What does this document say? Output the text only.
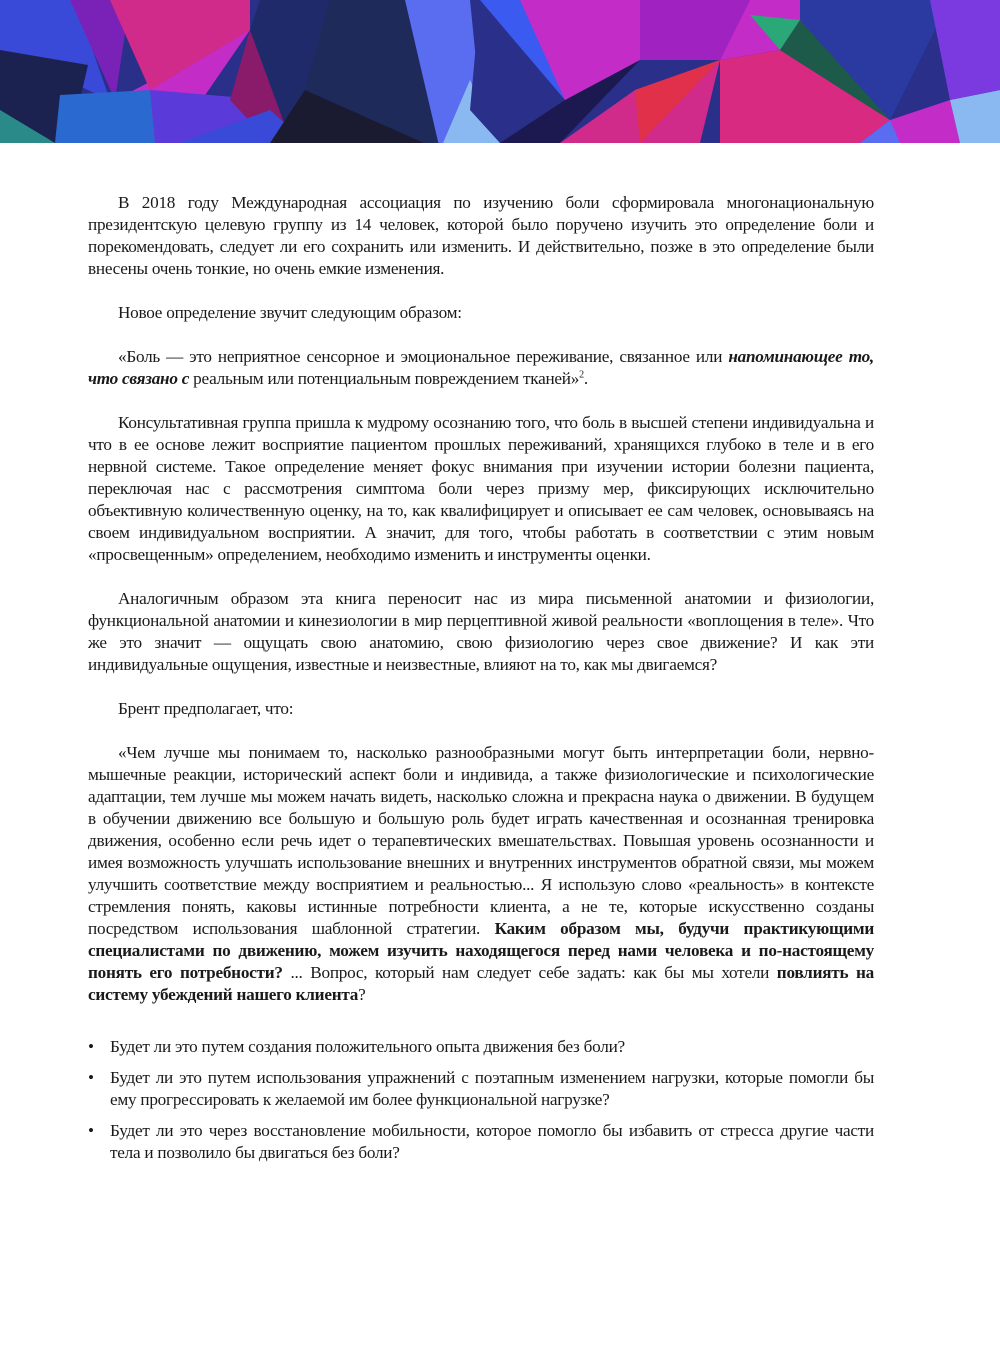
В 2018 году Международная ассоциация по изучению боли сформировала многонациональную президентскую целевую группу из 14 человек, которой было поручено изучить это определение боли и порекомендовать, следует ли его сохранить или изменить. И действительно, позже в это определение были внесены очень тонкие, но очень емкие изменения.

Новое определение звучит следующим образом:

«Боль — это неприятное сенсорное и эмоциональное переживание, связанное или напоминающее то, что связано с реальным или потенциальным повреждением тканей»$^2$.

Консультативная группа пришла к мудрому осознанию того, что боль в высшей степени индивидуальна и что в ее основе лежит восприятие пациентом прошлых переживаний, хранящихся глубоко в теле и в его нервной системе. Такое определение меняет фокус внимания при изучении истории болезни пациента, переключая нас с рассмотрения симптома боли через призму мер, фиксирующих исключительно объективную количественную оценку, на то, как квалифицирует и описывает ее сам человек, основываясь на своем индивидуальном восприятии. А значит, для того, чтобы работать в соответствии с этим новым «просвещенным» определением, необходимо изменить и инструменты оценки.

Аналогичным образом эта книга переносит нас из мира письменной анатомии и физиологии, функциональной анатомии и кинезиологии в мир перцептивной живой реальности «воплощения в теле». Что же это значит — ощущать свою анатомию, свою физиологию через свое движение? И как эти индивидуальные ощущения, известные и неизвестные, влияют на то, как мы двигаемся?

Брент предполагает, что:

«Чем лучше мы понимаем то, насколько разнообразными могут быть интерпретации боли, нервно-мышечные реакции, исторический аспект боли и индивида, а также физиологические и психологические адаптации, тем лучше мы можем начать видеть, насколько сложна и прекрасна наука о движении. В будущем в обучении движению все большую и большую роль будет играть качественная и осознанная тренировка движения, особенно если речь идет о терапевтических вмешательствах. Повышая уровень осознанности и имея возможность улучшать использование внешних и внутренних инструментов обратной связи, мы можем улучшить соответствие между восприятием и реальностью... Я использую слово «реальность» в контексте стремления понять, каковы истинные потребности клиента, а не те, которые искусственно созданы посредством использования шаблонной стратегии. Каким образом мы, будучи практикующими специалистами по движению, можем изучить находящегося перед нами человека и по-настоящему понять его потребности? ... Вопрос, который нам следует себе задать: как бы мы хотели повлиять на систему убеждений нашего клиента?

• Будет ли это путем создания положительного опыта движения без боли?
• Будет ли это путем использования упражнений с поэтапным изменением нагрузки, которые помогли бы ему прогрессировать к желаемой им более функциональной нагрузке?
• Будет ли это через восстановление мобильности, которое помогло бы избавить от стресса другие части тела и позволило бы двигаться без боли?
